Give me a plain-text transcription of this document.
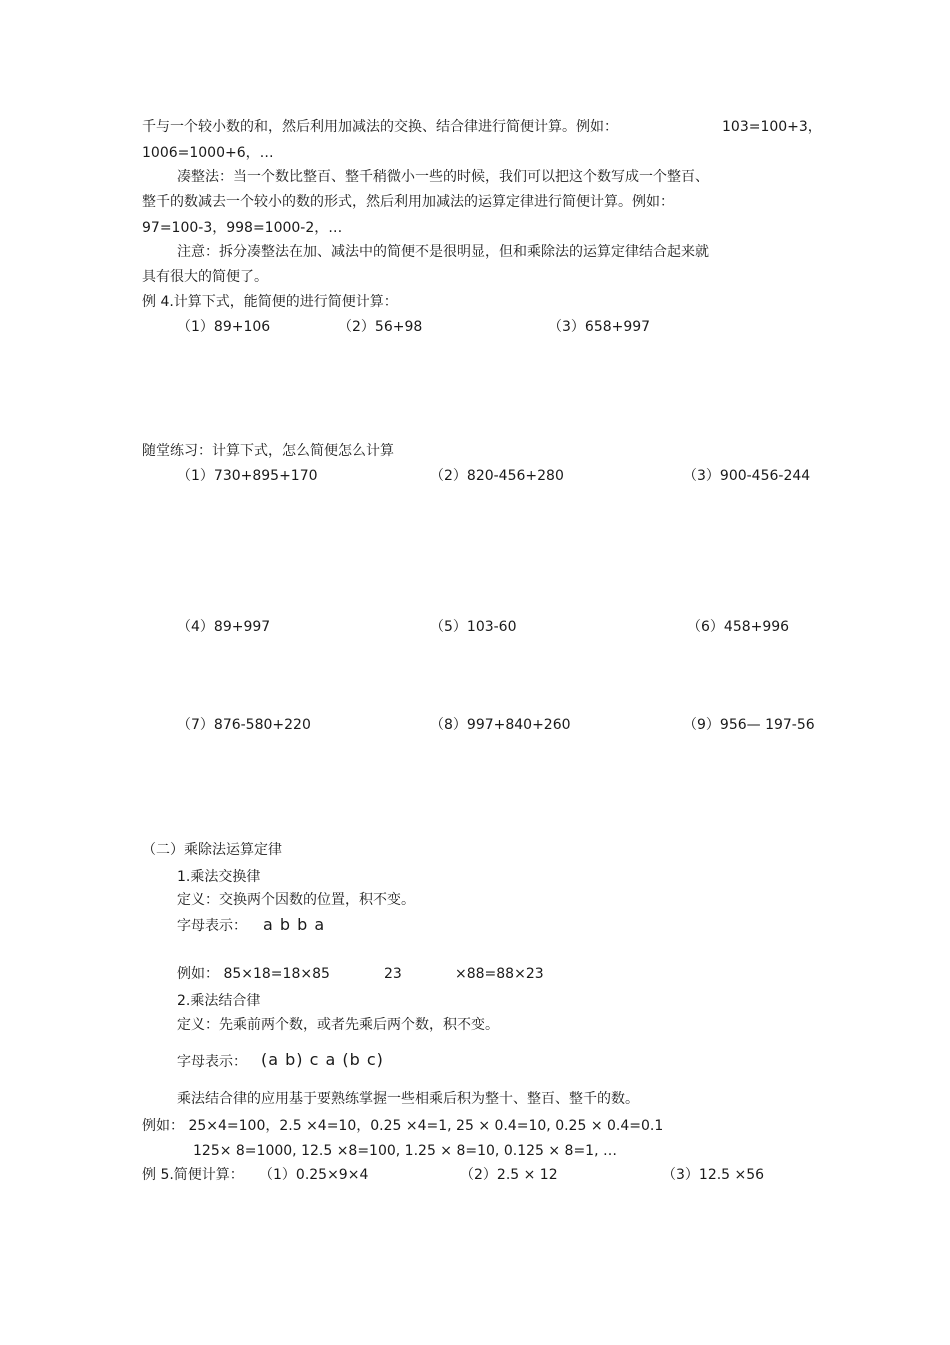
千与一个较小数的和，然后利用加减法的交换、结合律进行简便计算。例如：	103=100+3，
1006=1000+6，…
凑整法：当一个数比整百、整千稍微小一些的时候，我们可以把这个数写成一个整百、
整千的数减去一个较小的数的形式，然后利用加减法的运算定律进行简便计算。例如：
97=100-3，998=1000-2，…
注意：拆分凑整法在加、减法中的简便不是很明显，但和乘除法的运算定律结合起来就
具有很大的简便了。
例 4.计算下式，能简便的进行简便计算：
（1）89+106	（2）56+98	（3）658+997
随堂练习：计算下式，怎么简便怎么计算
（1）730+895+170	（2）820-456+280	（3）900-456-244
（4）89+997	（5）103-60	（6）458+996
（7）876-580+220	（8）997+840+260	（9）956— 197-56
（二）乘除法运算定律
1.乘法交换律
定义：交换两个因数的位置，积不变。
字母表示： a b b a
例如： 85×18=18×85	23	×88=88×23
2.乘法结合律
定义：先乘前两个数，或者先乘后两个数，积不变。
字母表示： (a b) c a (b c)
乘法结合律的应用基于要熟练掌握一些相乘后积为整十、整百、整千的数。
例如： 25×4=100，2.5 ×4=10，0.25 ×4=1, 25 × 0.4=10, 0.25 × 0.4=0.1
125× 8=1000, 12.5 ×8=100, 1.25 × 8=10, 0.125 × 8=1, …
例 5.简便计算： （1）0.25×9×4	（2）2.5 × 12	（3）12.5 ×56
